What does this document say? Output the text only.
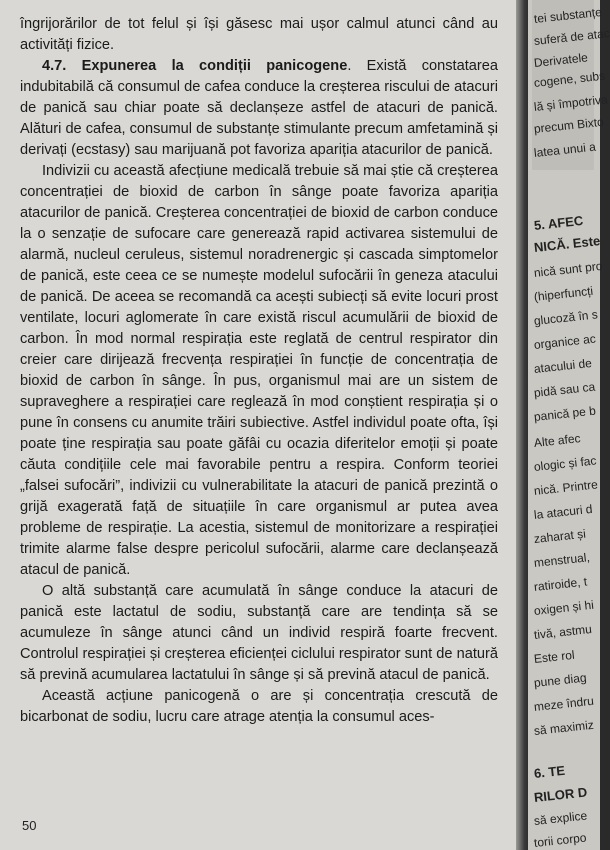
îngrijorărilor de tot felul și își găsesc mai ușor calmul atunci când au activități fizice.

4.7. Expunerea la condiții panicogene. Există constatarea indubitabilă că consumul de cafea conduce la creșterea riscului de atacuri de panică sau chiar poate să declanșeze astfel de atacuri de panică. Alături de cafea, consumul de substanțe stimulante precum amfetamină și derivați (ecstasy) sau marijuană pot favoriza apariția atacurilor de panică.

Indivizii cu această afecțiune medicală trebuie să mai știe că creșterea concentrației de bioxid de carbon în sânge poate favoriza apariția atacurilor de panică. Creșterea concentrației de bioxid de carbon conduce la o senzație de sufocare care generează rapid activarea sistemului de alarmă, nucleul ceruleus, sistemul noradrenergic și cascada simptomelor de panică, este ceea ce se numește modelul sufocării în geneza atacului de panică. De aceea se recomandă ca acești subiecți să evite locuri prost ventilate, locuri aglomerate în care există riscul acumulării de bioxid de carbon. În mod normal respirația este reglată de centrul respirator din creier care dirijează frecvența respirației în funcție de concentrația de bioxid de carbon în sânge. În pus, organismul mai are un sistem de supraveghere a respirației care reglează în mod conștient respirația și o pune în consens cu anumite trăiri subiective. Astfel individul poate ofta, își poate ține respirația sau poate găfâi cu ocazia diferitelor emoții și poate căuta condițiile cele mai favorabile pentru a respira. Conform teoriei „falsei sufocări”, indivizii cu vulnerabilitate la atacuri de panică prezintă o grijă exagerată față de situațiile în care organismul ar putea avea probleme de respirație. La acestia, sistemul de monitorizare a respirației trimite alarme false despre pericolul sufocării, alarme care declanșează atacul de panică.

O altă substanță care acumulată în sânge conduce la atacuri de panică este lactatul de sodiu, substanță care are tendința să se acumuleze în sânge atunci când un individ respiră foarte frecvent. Controlul respirației și creșterea eficienței ciclului respirator sunt de natură să prevină acumularea lactatului în sânge și să prevină atacul de panică.

Această acțiune panicogenă o are și concentrația crescută de bicarbonat de sodiu, lucru care atrage atenția la consumul aces-

50
tei substanțe
suferă de atac
Derivatele
cogene, subs
lă și împotriva
precum Bixto
latea unui a
5. AFEC
NICĂ. Este
nică sunt pro
(hiperfuncți
glucoză în s
organice ac
atacului de
pidă sau ca
panică pe b
Alte afec
ologic și fac
nică. Printre
la atacuri d
zaharat și
menstrual,
ratiroide, t
oxigen și hi
tivă, astmu
Este rol
pune diag
meze îndru
să maximiz
6. TE
RILOR D
să explice
torii corpo
